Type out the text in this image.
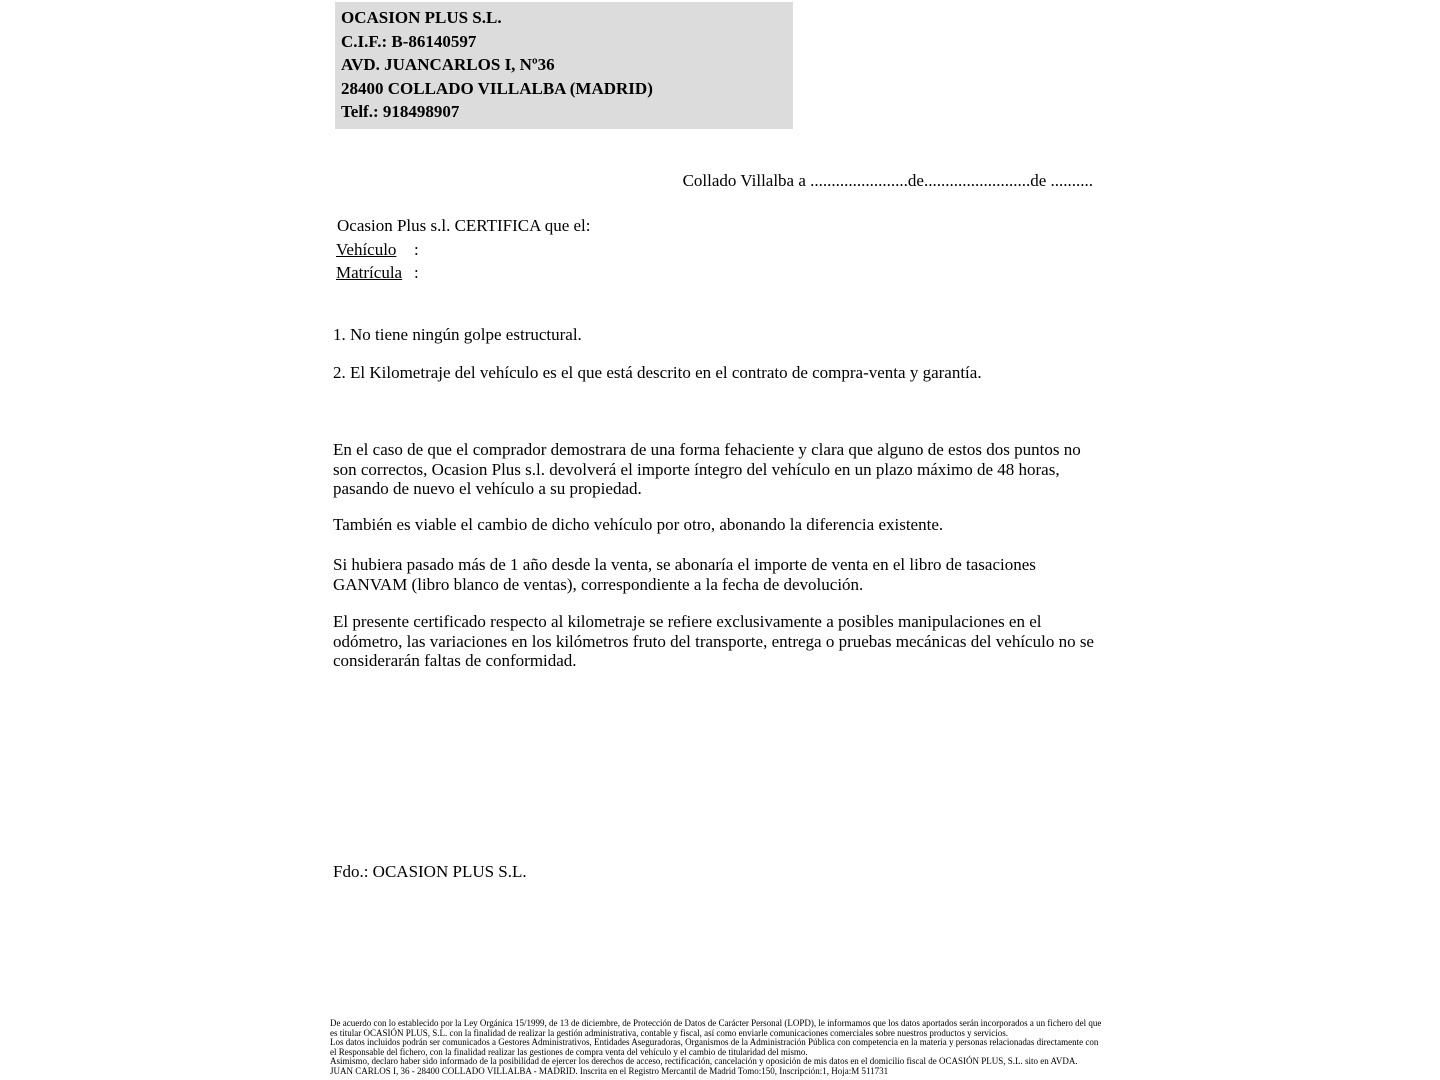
OCASION PLUS S.L.
C.I.F.: B-86140597
AVD. JUANCARLOS I, Nº36
28400 COLLADO VILLALBA (MADRID)
Telf.: 918498907
Collado Villalba a .......................de.........................de ..........
Ocasion Plus s.l. CERTIFICA que el:
Vehículo :
Matrícula :
1. No tiene ningún golpe estructural.
2. El Kilometraje del vehículo es el que está descrito en el contrato de compra-venta y garantía.
En el caso de que el comprador demostrara de una forma fehaciente y clara que alguno de estos dos puntos no son correctos, Ocasion Plus s.l. devolverá el importe íntegro del vehículo en un plazo máximo de 48 horas, pasando de nuevo el vehículo a su propiedad.
También es viable el cambio de dicho vehículo por otro, abonando la diferencia existente.
Si hubiera pasado más de 1 año desde la venta, se abonaría el importe de venta en el libro de tasaciones GANVAM (libro blanco de ventas), correspondiente a la fecha de devolución.
El presente certificado respecto al kilometraje se refiere exclusivamente a posibles manipulaciones en el odómetro, las variaciones en los kilómetros fruto del transporte, entrega o pruebas mecánicas del vehículo no se considerarán faltas de conformidad.
Fdo.: OCASION PLUS S.L.

De acuerdo con lo establecido por la Ley Orgánica 15/1999, de 13 de diciembre, de Protección de Datos de Carácter Personal (LOPD), le informamos que los datos aportados serán incorporados a un fichero del que es titular OCASIÓN PLUS, S.L. con la finalidad de realizar la gestión administrativa, contable y fiscal, así como enviarle comunicaciones comerciales sobre nuestros productos y servicios.

Los datos incluidos podrán ser comunicados a Gestores Administrativos, Entidades Aseguradoras, Organismos de la Administración Pública con competencia en la materia y personas relacionadas directamente con el Responsable del fichero, con la finalidad realizar las gestiones de compra venta del vehículo y el cambio de titularidad del mismo.

Asimismo, declaro haber sido informado de la posibilidad de ejercer los derechos de acceso, rectificación, cancelación y oposición de mis datos en el domicilio fiscal de OCASIÓN PLUS, S.L. sito en AVDA. JUAN CARLOS I, 36 - 28400 COLLADO VILLALBA - MADRID. Inscrita en el Registro Mercantil de Madrid Tomo:150, Inscripción:1, Hoja:M 511731
